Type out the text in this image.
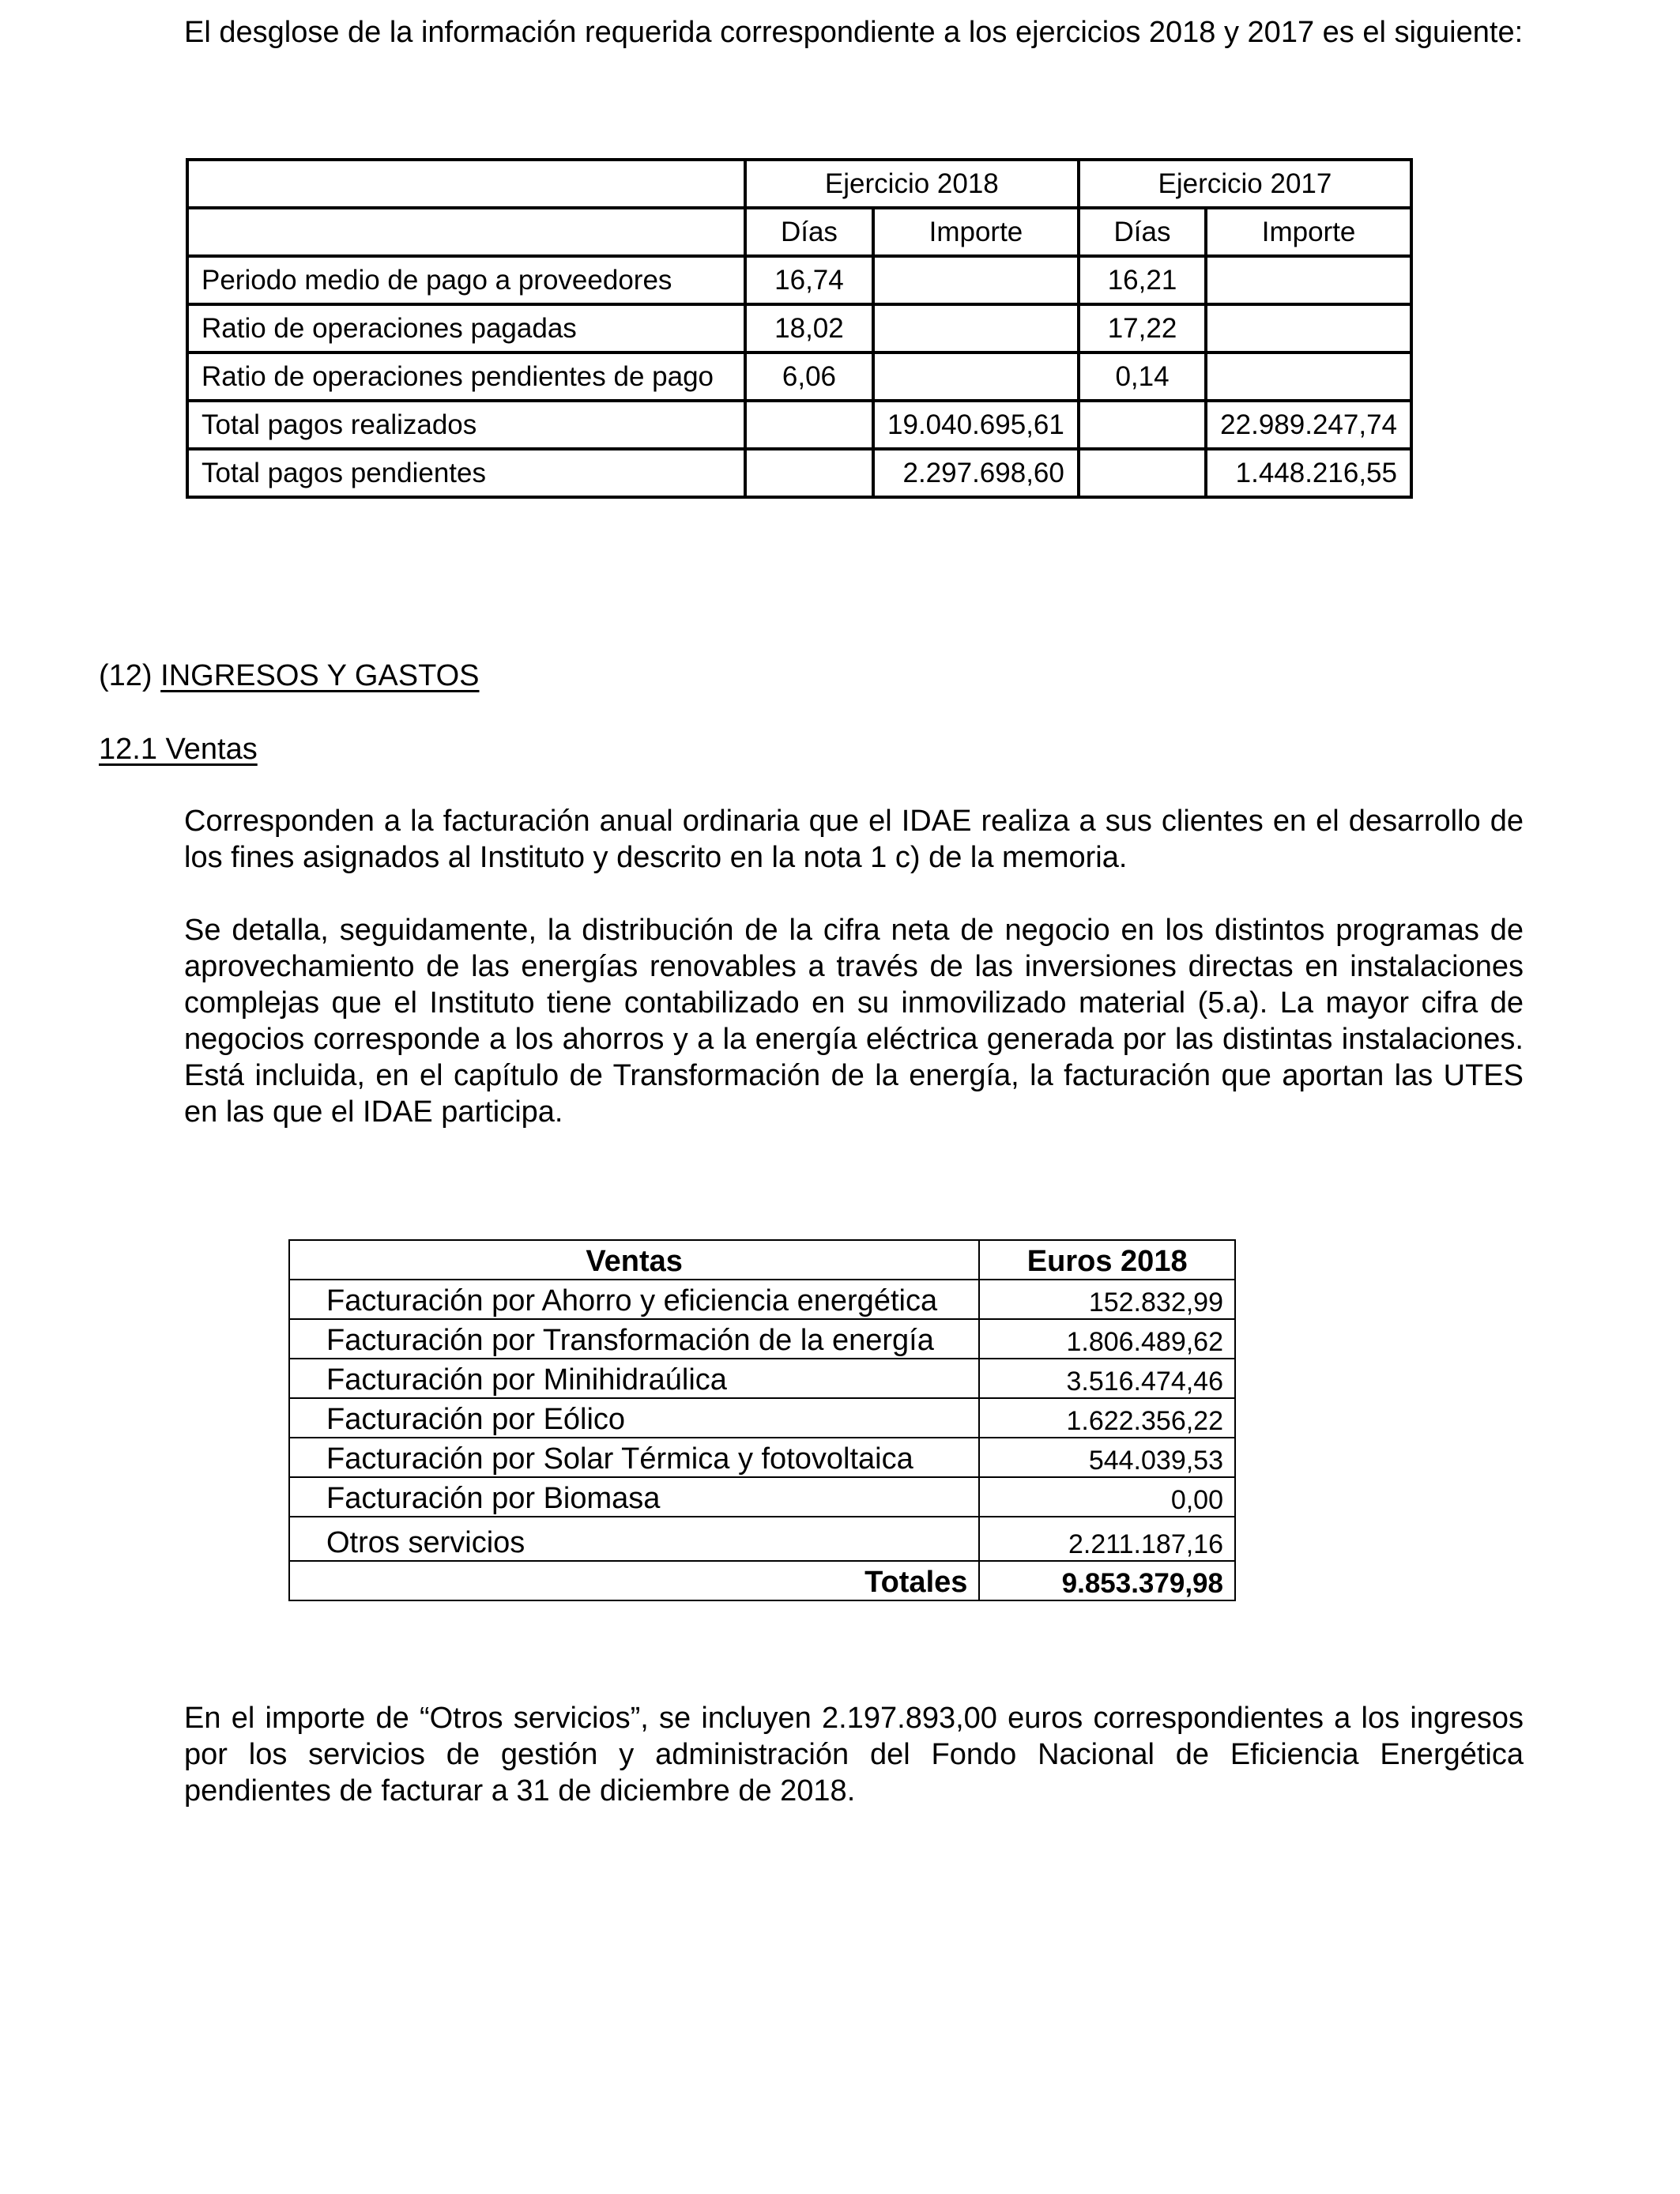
El desglose de la información requerida correspondiente a los ejercicios 2018 y 2017 es el siguiente:

	Ejercicio 2018		Ejercicio 2017	
	Días	Importe	Días	Importe
Periodo medio de pago a proveedores	16,74		16,21	
Ratio de operaciones pagadas	18,02		17,22	
Ratio de operaciones pendientes de pago	6,06		0,14	
Total pagos realizados		19.040.695,61		22.989.247,74
Total pagos pendientes		2.297.698,60		1.448.216,55

(12) INGRESOS Y GASTOS

12.1 Ventas

Corresponden a la facturación anual ordinaria que el IDAE realiza a sus clientes en el desarrollo de los fines asignados al Instituto y descrito en la nota 1 c) de la memoria.

Se detalla, seguidamente, la distribución de la cifra neta de negocio en los distintos programas de aprovechamiento de las energías renovables a través de las inversiones directas en instalaciones complejas que el Instituto tiene contabilizado en su inmovilizado material (5.a). La mayor cifra de negocios corresponde a los ahorros y a la energía eléctrica generada por las distintas instalaciones. Está incluida, en el capítulo de Transformación de la energía, la facturación que aportan las UTES en las que el IDAE participa.

Ventas	Euros 2018
Facturación por Ahorro y eficiencia energética	152.832,99
Facturación por Transformación de la energía	1.806.489,62
Facturación por Minihidraúlica	3.516.474,46
Facturación por Eólico	1.622.356,22
Facturación por Solar Térmica y fotovoltaica	544.039,53
Facturación por Biomasa	0,00
Otros servicios	2.211.187,16
Totales	9.853.379,98

En el importe de “Otros servicios”, se incluyen 2.197.893,00 euros correspondientes a los ingresos por los servicios de gestión y administración del Fondo Nacional de Eficiencia Energética pendientes de facturar a 31 de diciembre de 2018.
